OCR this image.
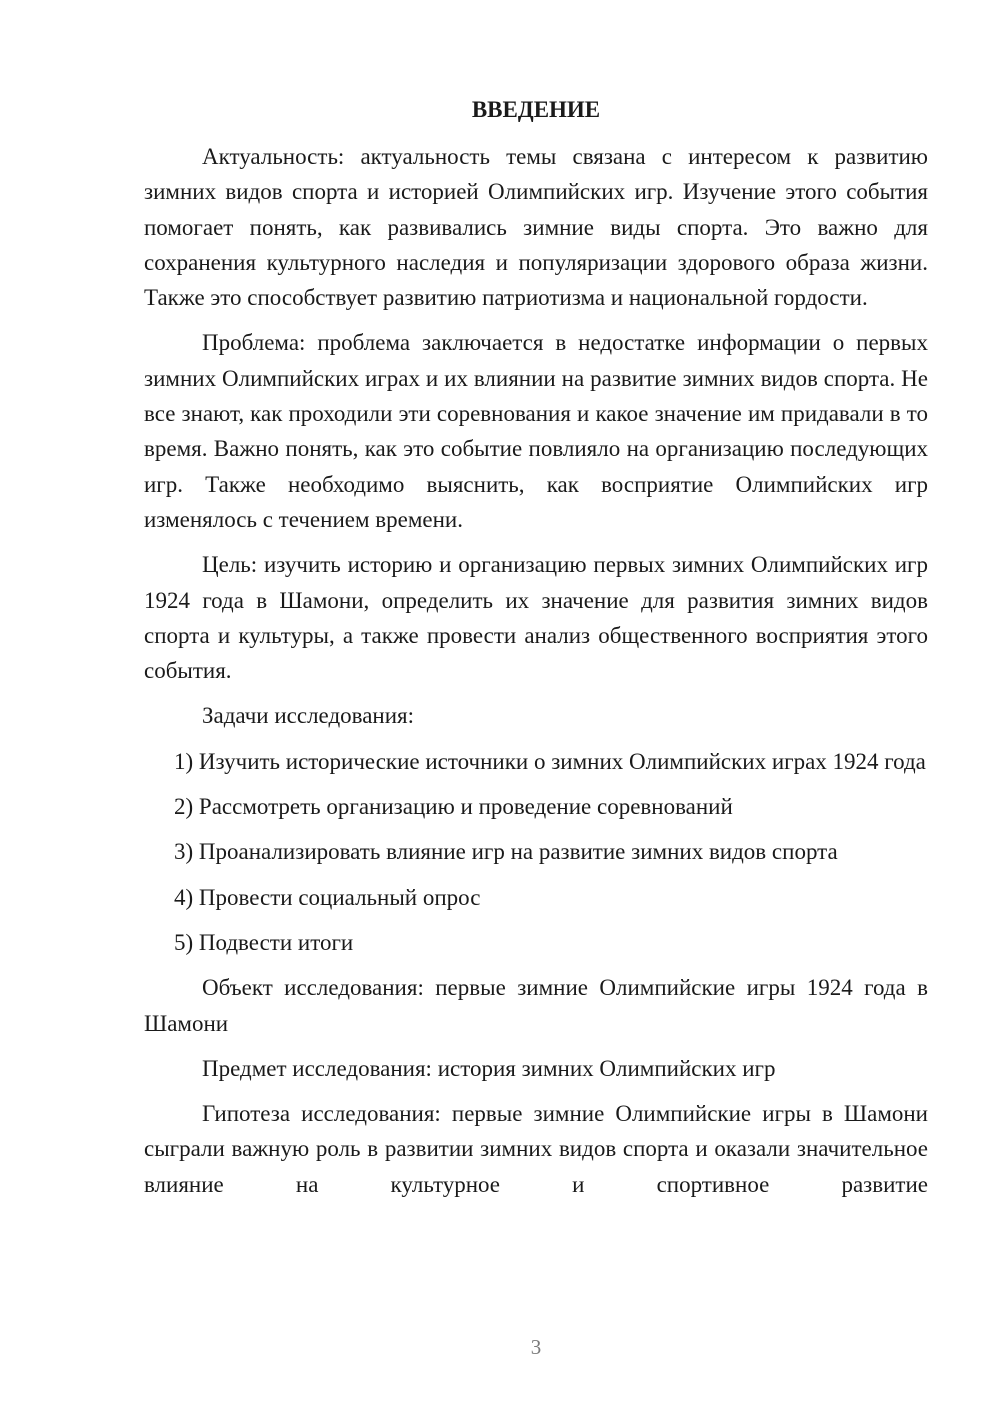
ВВЕДЕНИЕ

Актуальность: актуальность темы связана с интересом к развитию зимних видов спорта и историей Олимпийских игр. Изучение этого события помогает понять, как развивались зимние виды спорта. Это важно для сохранения культурного наследия и популяризации здорового образа жизни. Также это способствует развитию патриотизма и национальной гордости.

Проблема: проблема заключается в недостатке информации о первых зимних Олимпийских играх и их влиянии на развитие зимних видов спорта. Не все знают, как проходили эти соревнования и какое значение им придавали в то время. Важно понять, как это событие повлияло на организацию последующих игр. Также необходимо выяснить, как восприятие Олимпийских игр изменялось с течением времени.

Цель: изучить историю и организацию первых зимних Олимпийских игр 1924 года в Шамони, определить их значение для развития зимних видов спорта и культуры, а также провести анализ общественного восприятия этого события.

Задачи исследования:

1) Изучить исторические источники о зимних Олимпийских играх 1924 года

2) Рассмотреть организацию и проведение соревнований

3) Проанализировать влияние игр на развитие зимних видов спорта

4) Провести социальный опрос

5) Подвести итоги

Объект исследования: первые зимние Олимпийские игры 1924 года в Шамони

Предмет исследования: история зимних Олимпийских игр

Гипотеза исследования: первые зимние Олимпийские игры в Шамони сыграли важную роль в развитии зимних видов спорта и оказали значительное влияние на культурное и спортивное развитие

3
